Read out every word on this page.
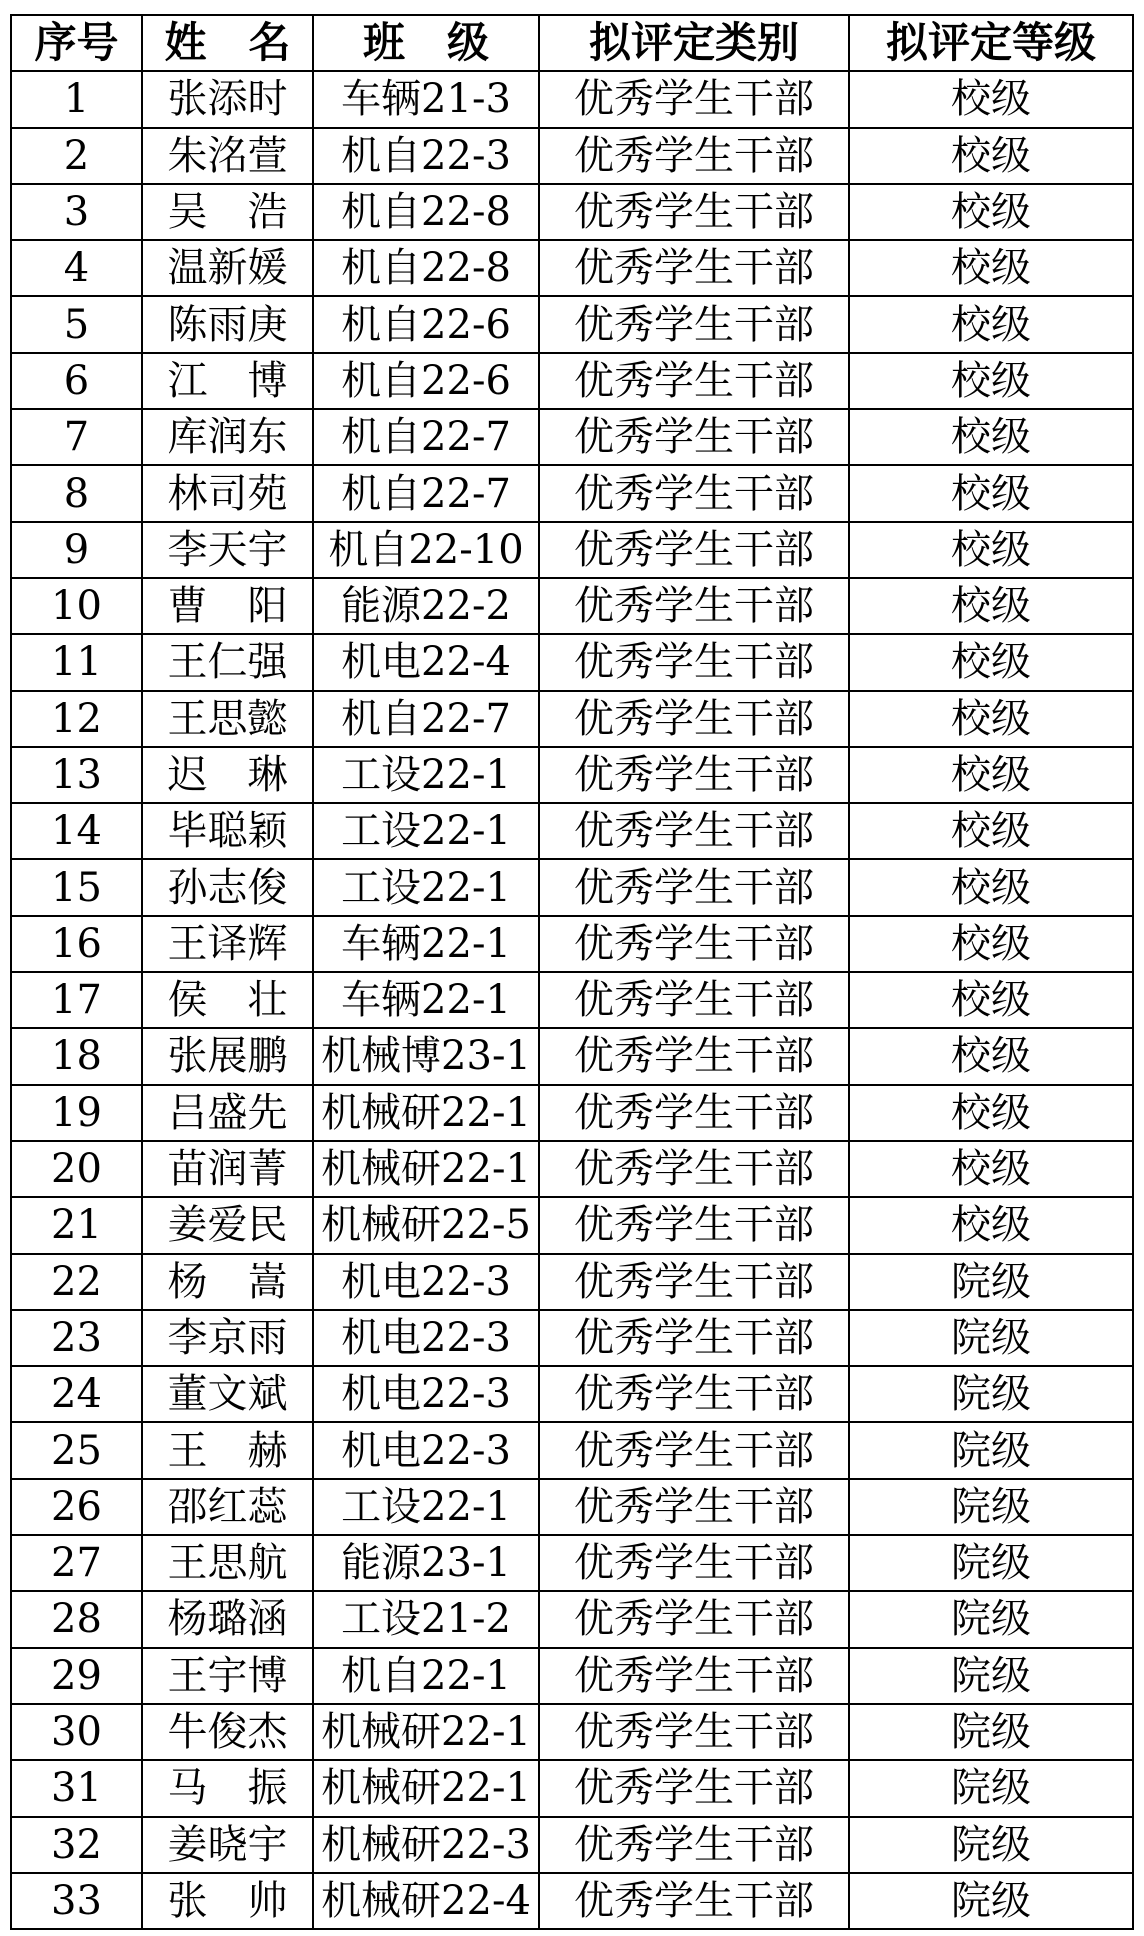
序号	姓　名	班　级	拟评定类别	拟评定等级
1	张添时	车辆21-3	优秀学生干部	校级
2	朱洺萱	机自22-3	优秀学生干部	校级
3	吴　浩	机自22-8	优秀学生干部	校级
4	温新媛	机自22-8	优秀学生干部	校级
5	陈雨庚	机自22-6	优秀学生干部	校级
6	江　博	机自22-6	优秀学生干部	校级
7	库润东	机自22-7	优秀学生干部	校级
8	林司苑	机自22-7	优秀学生干部	校级
9	李天宇	机自22-10	优秀学生干部	校级
10	曹　阳	能源22-2	优秀学生干部	校级
11	王仁强	机电22-4	优秀学生干部	校级
12	王思懿	机自22-7	优秀学生干部	校级
13	迟　琳	工设22-1	优秀学生干部	校级
14	毕聪颖	工设22-1	优秀学生干部	校级
15	孙志俊	工设22-1	优秀学生干部	校级
16	王译辉	车辆22-1	优秀学生干部	校级
17	侯　壮	车辆22-1	优秀学生干部	校级
18	张展鹏	机械博23-1	优秀学生干部	校级
19	吕盛先	机械研22-1	优秀学生干部	校级
20	苗润菁	机械研22-1	优秀学生干部	校级
21	姜爱民	机械研22-5	优秀学生干部	校级
22	杨　嵩	机电22-3	优秀学生干部	院级
23	李京雨	机电22-3	优秀学生干部	院级
24	董文斌	机电22-3	优秀学生干部	院级
25	王　赫	机电22-3	优秀学生干部	院级
26	邵红蕊	工设22-1	优秀学生干部	院级
27	王思航	能源23-1	优秀学生干部	院级
28	杨璐涵	工设21-2	优秀学生干部	院级
29	王宇博	机自22-1	优秀学生干部	院级
30	牛俊杰	机械研22-1	优秀学生干部	院级
31	马　振	机械研22-1	优秀学生干部	院级
32	姜晓宇	机械研22-3	优秀学生干部	院级
33	张　帅	机械研22-4	优秀学生干部	院级
